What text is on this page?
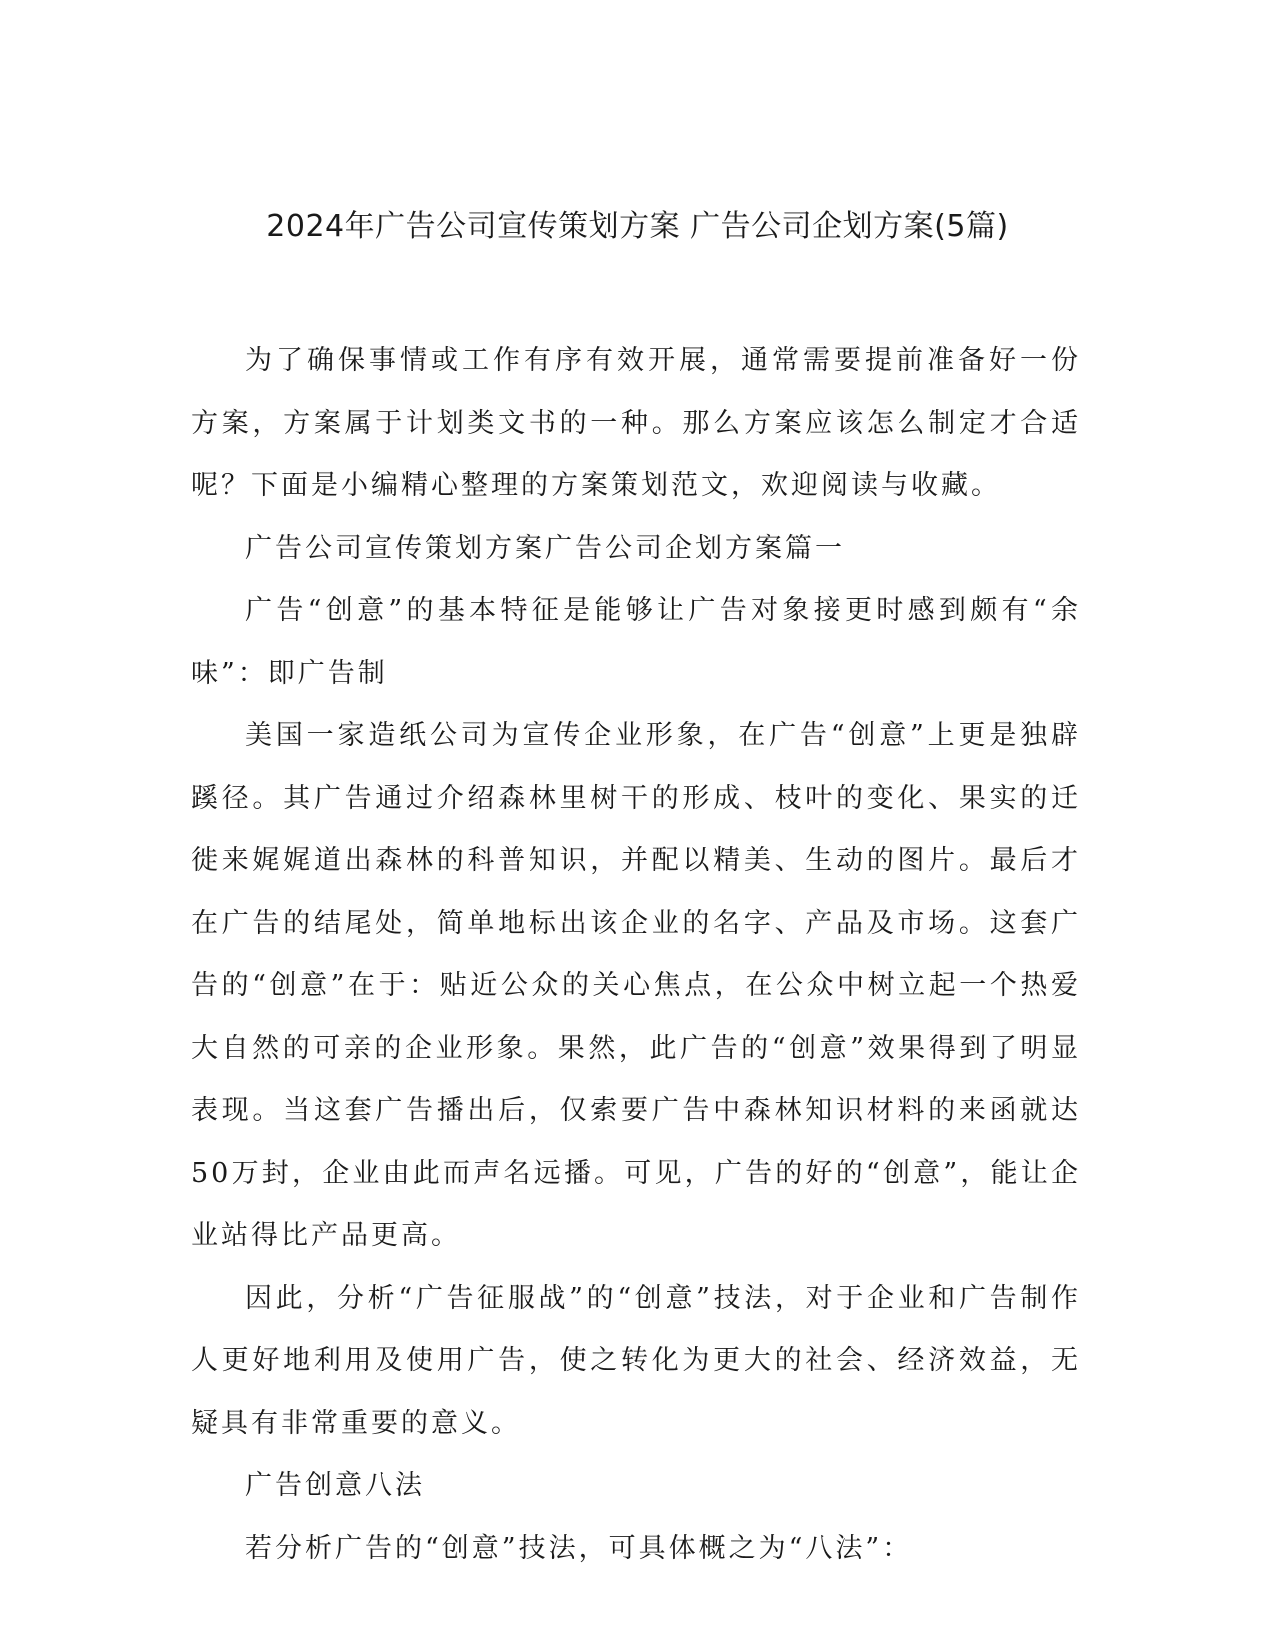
2024年广告公司宣传策划方案 广告公司企划方案(5篇)

为了确保事情或工作有序有效开展，通常需要提前准备好一份方案，方案属于计划类文书的一种。那么方案应该怎么制定才合适呢？下面是小编精心整理的方案策划范文，欢迎阅读与收藏。

广告公司宣传策划方案广告公司企划方案篇一

广告“创意”的基本特征是能够让广告对象接更时感到颇有“余味”：即广告制

美国一家造纸公司为宣传企业形象，在广告“创意”上更是独辟蹊径。其广告通过介绍森林里树干的形成、枝叶的变化、果实的迁徙来娓娓道出森林的科普知识，并配以精美、生动的图片。最后才在广告的结尾处，简单地标出该企业的名字、产品及市场。这套广告的“创意”在于：贴近公众的关心焦点，在公众中树立起一个热爱大自然的可亲的企业形象。果然，此广告的“创意”效果得到了明显表现。当这套广告播出后，仅索要广告中森林知识材料的来函就达50万封，企业由此而声名远播。可见，广告的好的“创意”，能让企业站得比产品更高。

因此，分析“广告征服战”的“创意”技法，对于企业和广告制作人更好地利用及使用广告，使之转化为更大的社会、经济效益，无疑具有非常重要的意义。

广告创意八法

若分析广告的“创意”技法，可具体概之为“八法”：
